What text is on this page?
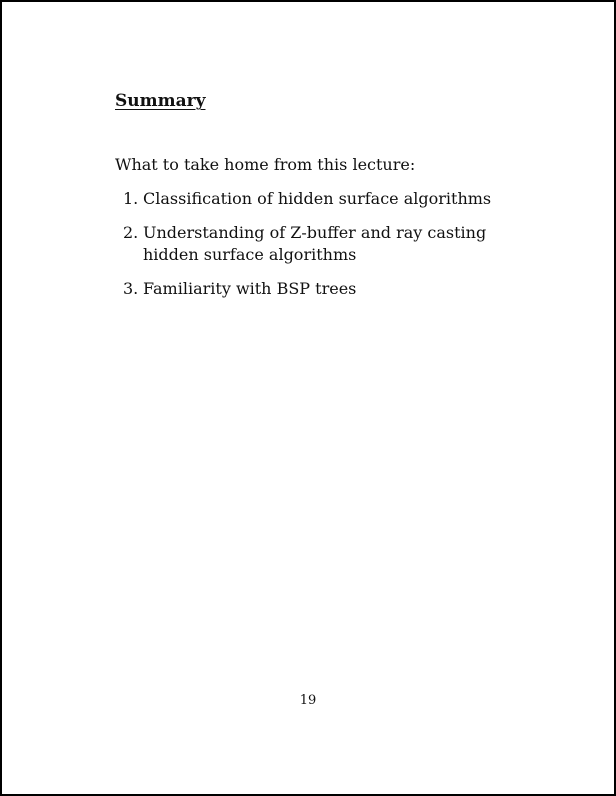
Summary

What to take home from this lecture:

1. Classification of hidden surface algorithms
2. Understanding of Z-buffer and ray casting hidden surface algorithms
3. Familiarity with BSP trees

19
